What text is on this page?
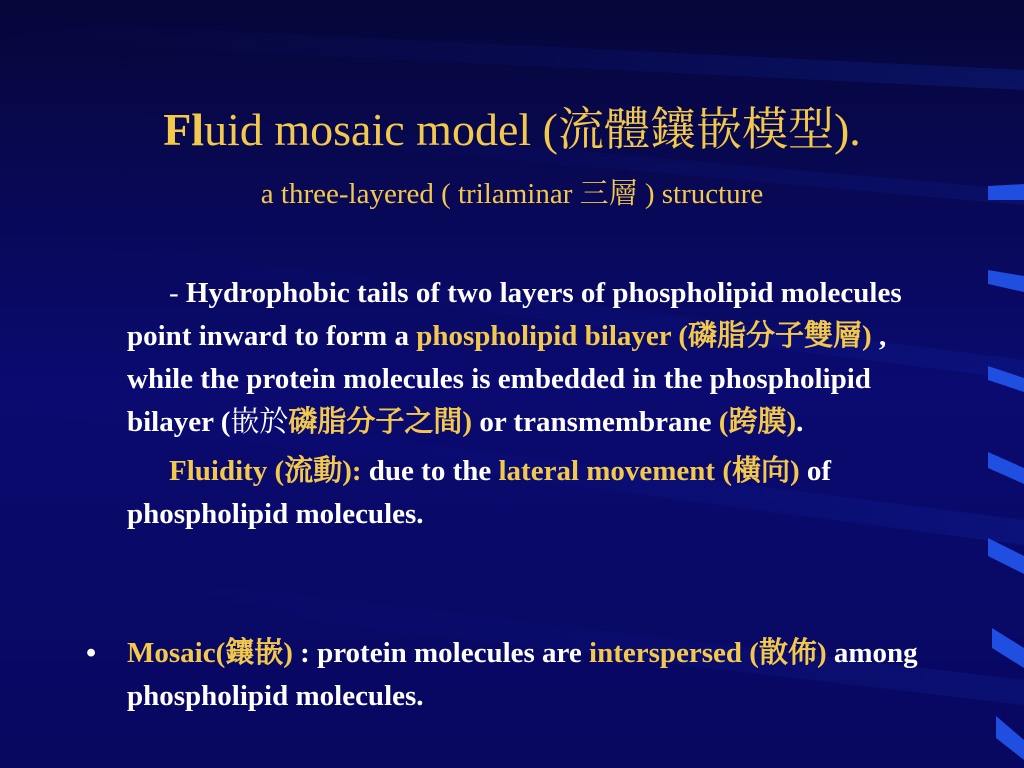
Fluid mosaic model (流體鑲嵌模型).
a three-layered ( trilaminar 三層 ) structure

- Hydrophobic tails of two layers of phospholipid molecules point inward to form a phospholipid bilayer (磷脂分子雙層) , while the protein molecules is embedded in the phospholipid bilayer (嵌於磷脂分子之間) or transmembrane (跨膜).

Fluidity (流動): due to the lateral movement (橫向) of phospholipid molecules.

• Mosaic(鑲嵌) : protein molecules are interspersed (散佈) among phospholipid molecules.
